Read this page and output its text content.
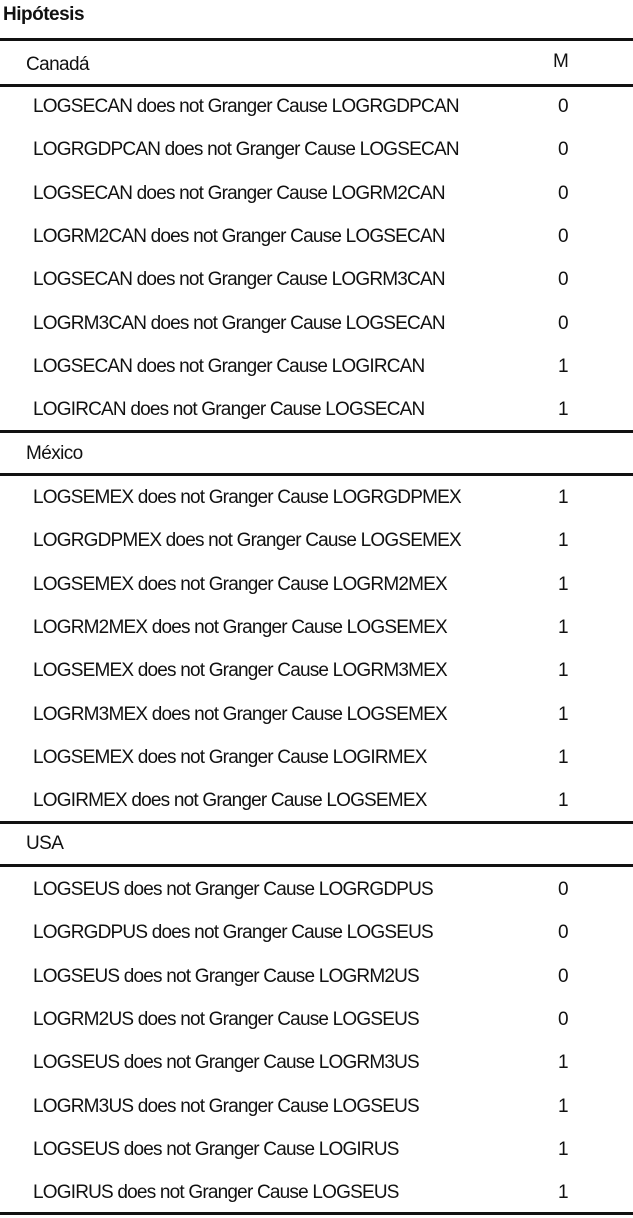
Hipótesis
Canadá	M
LOGSECAN does not Granger Cause LOGRGDPCAN	0
LOGRGDPCAN does not Granger Cause LOGSECAN	0
LOGSECAN does not Granger Cause LOGRM2CAN	0
LOGRM2CAN does not Granger Cause LOGSECAN	0
LOGSECAN does not Granger Cause LOGRM3CAN	0
LOGRM3CAN does not Granger Cause LOGSECAN	0
LOGSECAN does not Granger Cause LOGIRCAN	1
LOGIRCAN does not Granger Cause LOGSECAN	1
México
LOGSEMEX does not Granger Cause LOGRGDPMEX	1
LOGRGDPMEX does not Granger Cause LOGSEMEX	1
LOGSEMEX does not Granger Cause LOGRM2MEX	1
LOGRM2MEX does not Granger Cause LOGSEMEX	1
LOGSEMEX does not Granger Cause LOGRM3MEX	1
LOGRM3MEX does not Granger Cause LOGSEMEX	1
LOGSEMEX does not Granger Cause LOGIRMEX	1
LOGIRMEX does not Granger Cause LOGSEMEX	1
USA
LOGSEUS does not Granger Cause LOGRGDPUS	0
LOGRGDPUS does not Granger Cause LOGSEUS	0
LOGSEUS does not Granger Cause LOGRM2US	0
LOGRM2US does not Granger Cause LOGSEUS	0
LOGSEUS does not Granger Cause LOGRM3US	1
LOGRM3US does not Granger Cause LOGSEUS	1
LOGSEUS does not Granger Cause LOGIRUS	1
LOGIRUS does not Granger Cause LOGSEUS	1
